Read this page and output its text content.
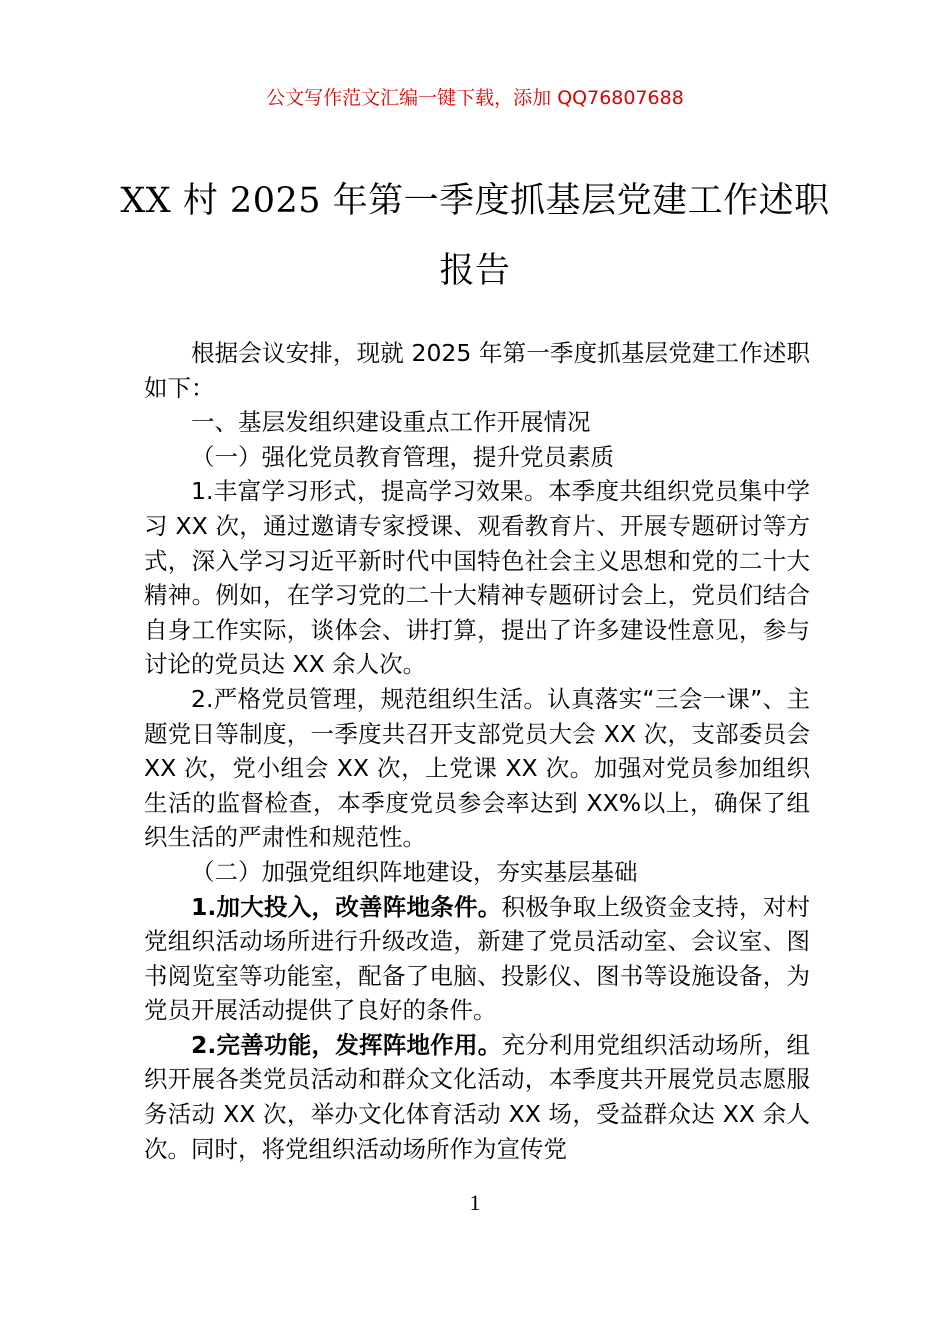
公文写作范文汇编一键下载，添加 QQ76807688
XX 村 2025 年第一季度抓基层党建工作述职报告

根据会议安排，现就 2025 年第一季度抓基层党建工作述职如下：

一、基层发组织建设重点工作开展情况

（一）强化党员教育管理，提升党员素质

1.丰富学习形式，提高学习效果。本季度共组织党员集中学习 XX 次，通过邀请专家授课、观看教育片、开展专题研讨等方式，深入学习习近平新时代中国特色社会主义思想和党的二十大精神。例如，在学习党的二十大精神专题研讨会上，党员们结合自身工作实际，谈体会、讲打算，提出了许多建设性意见，参与讨论的党员达 XX 余人次。

2.严格党员管理，规范组织生活。认真落实“三会一课”、主题党日等制度，一季度共召开支部党员大会 XX 次，支部委员会 XX 次，党小组会 XX 次，上党课 XX 次。加强对党员参加组织生活的监督检查，本季度党员参会率达到 XX%以上，确保了组织生活的严肃性和规范性。

（二）加强党组织阵地建设，夯实基层基础

1.加大投入，改善阵地条件。积极争取上级资金支持，对村党组织活动场所进行升级改造，新建了党员活动室、会议室、图书阅览室等功能室，配备了电脑、投影仪、图书等设施设备，为党员开展活动提供了良好的条件。

2.完善功能，发挥阵地作用。充分利用党组织活动场所，组织开展各类党员活动和群众文化活动，本季度共开展党员志愿服务活动 XX 次，举办文化体育活动 XX 场，受益群众达 XX 余人次。同时，将党组织活动场所作为宣传党

1
